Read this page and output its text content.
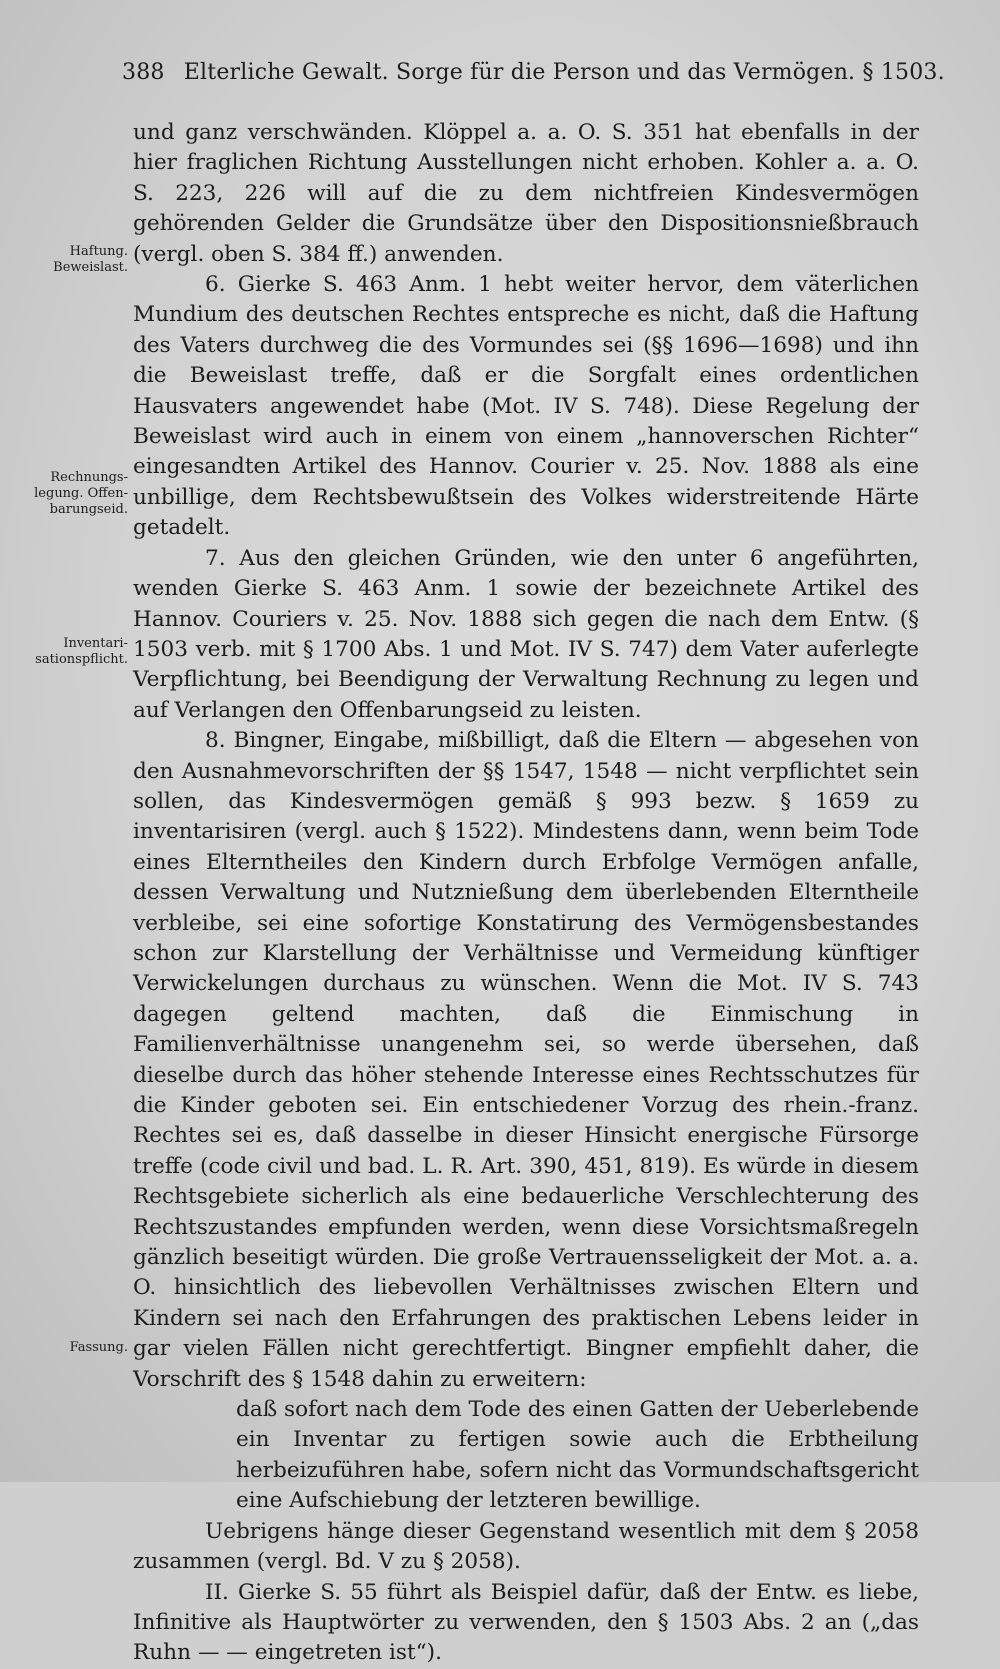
388 Elterliche Gewalt. Sorge für die Person und das Vermögen. § 1503.
Haftung. Beweislast.
Rechnungs- legung. Offen- barungseid.
Inventari- sationspflicht.
Fassung.

und ganz verschwänden. Klöppel a. a. O. S. 351 hat ebenfalls in der hier fraglichen Richtung Ausstellungen nicht erhoben. Kohler a. a. O. S. 223, 226 will auf die zu dem nichtfreien Kindesvermögen gehörenden Gelder die Grundsätze über den Dispositionsnießbrauch (vergl. oben S. 384 ff.) anwenden.

6. Gierke S. 463 Anm. 1 hebt weiter hervor, dem väterlichen Mundium des deutschen Rechtes entspreche es nicht, daß die Haftung des Vaters durchweg die des Vormundes sei (§§ 1696—1698) und ihn die Beweislast treffe, daß er die Sorgfalt eines ordentlichen Hausvaters angewendet habe (Mot. IV S. 748). Diese Regelung der Beweislast wird auch in einem von einem „hannoverschen Richter“ eingesandten Artikel des Hannov. Courier v. 25. Nov. 1888 als eine unbillige, dem Rechtsbewußtsein des Volkes widerstreitende Härte getadelt.

7. Aus den gleichen Gründen, wie den unter 6 angeführten, wenden Gierke S. 463 Anm. 1 sowie der bezeichnete Artikel des Hannov. Couriers v. 25. Nov. 1888 sich gegen die nach dem Entw. (§ 1503 verb. mit § 1700 Abs. 1 und Mot. IV S. 747) dem Vater auferlegte Verpflichtung, bei Beendigung der Verwaltung Rechnung zu legen und auf Verlangen den Offenbarungseid zu leisten.

8. Bingner, Eingabe, mißbilligt, daß die Eltern — abgesehen von den Ausnahmevorschriften der §§ 1547, 1548 — nicht verpflichtet sein sollen, das Kindesvermögen gemäß § 993 bezw. § 1659 zu inventarisiren (vergl. auch § 1522). Mindestens dann, wenn beim Tode eines Elterntheiles den Kindern durch Erbfolge Vermögen anfalle, dessen Verwaltung und Nutznießung dem überlebenden Elterntheile verbleibe, sei eine sofortige Konstatirung des Vermögensbestandes schon zur Klarstellung der Verhältnisse und Vermeidung künftiger Verwickelungen durchaus zu wünschen. Wenn die Mot. IV S. 743 dagegen geltend machten, daß die Einmischung in Familienverhältnisse unangenehm sei, so werde übersehen, daß dieselbe durch das höher stehende Interesse eines Rechtsschutzes für die Kinder geboten sei. Ein entschiedener Vorzug des rhein.-franz. Rechtes sei es, daß dasselbe in dieser Hinsicht energische Fürsorge treffe (code civil und bad. L. R. Art. 390, 451, 819). Es würde in diesem Rechtsgebiete sicherlich als eine bedauerliche Verschlechterung des Rechtszustandes empfunden werden, wenn diese Vorsichtsmaßregeln gänzlich beseitigt würden. Die große Vertrauensseligkeit der Mot. a. a. O. hinsichtlich des liebevollen Verhältnisses zwischen Eltern und Kindern sei nach den Erfahrungen des praktischen Lebens leider in gar vielen Fällen nicht gerechtfertigt. Bingner empfiehlt daher, die Vorschrift des § 1548 dahin zu erweitern:

daß sofort nach dem Tode des einen Gatten der Ueberlebende ein Inventar zu fertigen sowie auch die Erbtheilung herbeizuführen habe, sofern nicht das Vormundschaftsgericht eine Aufschiebung der letzteren bewillige.

Uebrigens hänge dieser Gegenstand wesentlich mit dem § 2058 zusammen (vergl. Bd. V zu § 2058).

II. Gierke S. 55 führt als Beispiel dafür, daß der Entw. es liebe, Infinitive als Hauptwörter zu verwenden, den § 1503 Abs. 2 an („das Ruhn — — eingetreten ist“).
